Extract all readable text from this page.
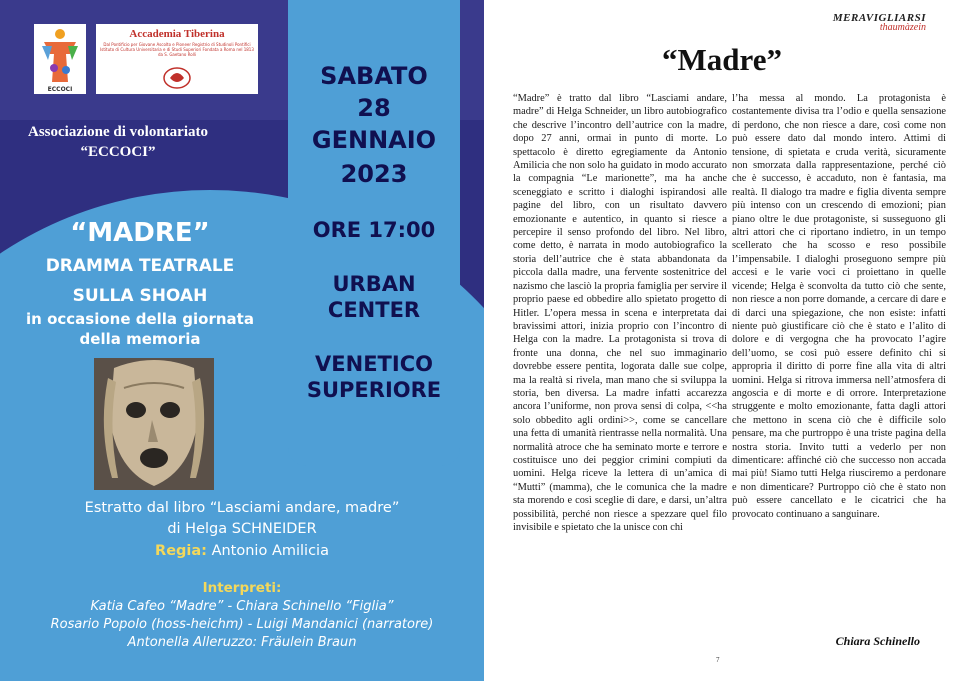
ECCOCI
Accademia Tiberina
Dal Pontificio per Giovane Ascolto e Pioneer Registrio di Studinoli Pontifici Istituto di Cultura Universitaria e di Studi Superiori Fondata a Roma nel 1813 da S. Gaetano Rolli
Associazione di volontariato
“ECCOCI”
SABATO
28
GENNAIO
2023
ORE 17:00
URBAN
CENTER
VENETICO
SUPERIORE
“MADRE”
DRAMMA TEATRALE
SULLA SHOAH
in occasione della giornata
della memoria
Estratto dal libro “Lasciami andare, madre”
di Helga SCHNEIDER
Regia: Antonio Amilicia
Interpreti:
Katia Cafeo “Madre” - Chiara Schinello “Figlia”
Rosario Popolo (hoss-heichm) - Luigi Mandanici (narratore)
Antonella Alleruzzo: Fräulein Braun
MERAVIGLIARSI
thaumàzein
“Madre”

“Madre” è tratto dal libro “Lasciami andare, madre” di Helga Schneider, un libro autobiografico che descrive l’incontro dell’autrice con la madre, dopo 27 anni, ormai in punto di morte. Lo spettacolo è diretto egregiamente da Antonio Amilicia che non solo ha guidato in modo accurato la compagnia “Le marionette”, ma ha anche sceneggiato e scritto i dialoghi ispirandosi alle pagine del libro, con un risultato davvero emozionante e autentico, in quanto si riesce a percepire il senso profondo del libro. Nel libro, come detto, è narrata in modo autobiografico la storia dell’autrice che è stata abbandonata da piccola dalla madre, una fervente sostenitrice del nazismo che lasciò la propria famiglia per servire il proprio paese ed obbedire allo spietato progetto di Hitler. L’opera messa in scena e interpretata dai bravissimi attori, inizia proprio con l’incontro di Helga con la madre. La protagonista si trova di fronte una donna, che nel suo immaginario dovrebbe essere pentita, logorata dalle sue colpe, ma la realtà si rivela, man mano che si sviluppa la storia, ben diversa. La madre infatti accarezza ancora l’uniforme, non prova sensi di colpa, <<ha solo obbedito agli ordini>>, come se cancellare una fetta di umanità rientrasse nella normalità. Una normalità atroce che ha seminato morte e terrore e costituisce uno dei peggior crimini compiuti da uomini. Helga riceve la lettera di un’amica di “Mutti” (mamma), che le comunica che la madre sta morendo e così sceglie di dare, e darsi, un’altra possibilità, perché non riesce a spezzare quel filo invisibile e spietato che la unisce con chi

l’ha messa al mondo. La protagonista è costantemente divisa tra l’odio e quella sensazione di perdono, che non riesce a dare, così come non può essere dato dal mondo intero. Attimi di tensione, di spietata e cruda verità, sicuramente non smorzata dalla rappresentazione, perché ciò che è successo, è accaduto, non è fantasia, ma realtà. Il dialogo tra madre e figlia diventa sempre più intenso con un crescendo di emozioni; pian piano oltre le due protagoniste, si susseguono gli altri attori che ci riportano indietro, in un tempo scellerato che ha scosso e reso possibile l’impensabile. I dialoghi proseguono sempre più accesi e le varie voci ci proiettano in quelle vicende; Helga è sconvolta da tutto ciò che sente, non riesce a non porre domande, a cercare di dare e di darci una spiegazione, che non esiste: infatti niente può giustificare ciò che è stato e l’alito di dolore e di vergogna che ha provocato l’agire dell’uomo, se così può essere definito chi si appropria il diritto di porre fine alla vita di altri uomini. Helga si ritrova immersa nell’atmosfera di angoscia e di morte e di orrore. Interpretazione struggente e molto emozionante, fatta dagli attori che mettono in scena ciò che è difficile solo pensare, ma che purtroppo è una triste pagina della nostra storia. Invito tutti a vederlo per non dimenticare: affinché ciò che successo non accada mai più! Siamo tutti Helga riusciremo a perdonare e non dimenticare? Purtroppo ciò che è stato non può essere cancellato e le cicatrici che ha provocato continuano a sanguinare.

Chiara Schinello
7
